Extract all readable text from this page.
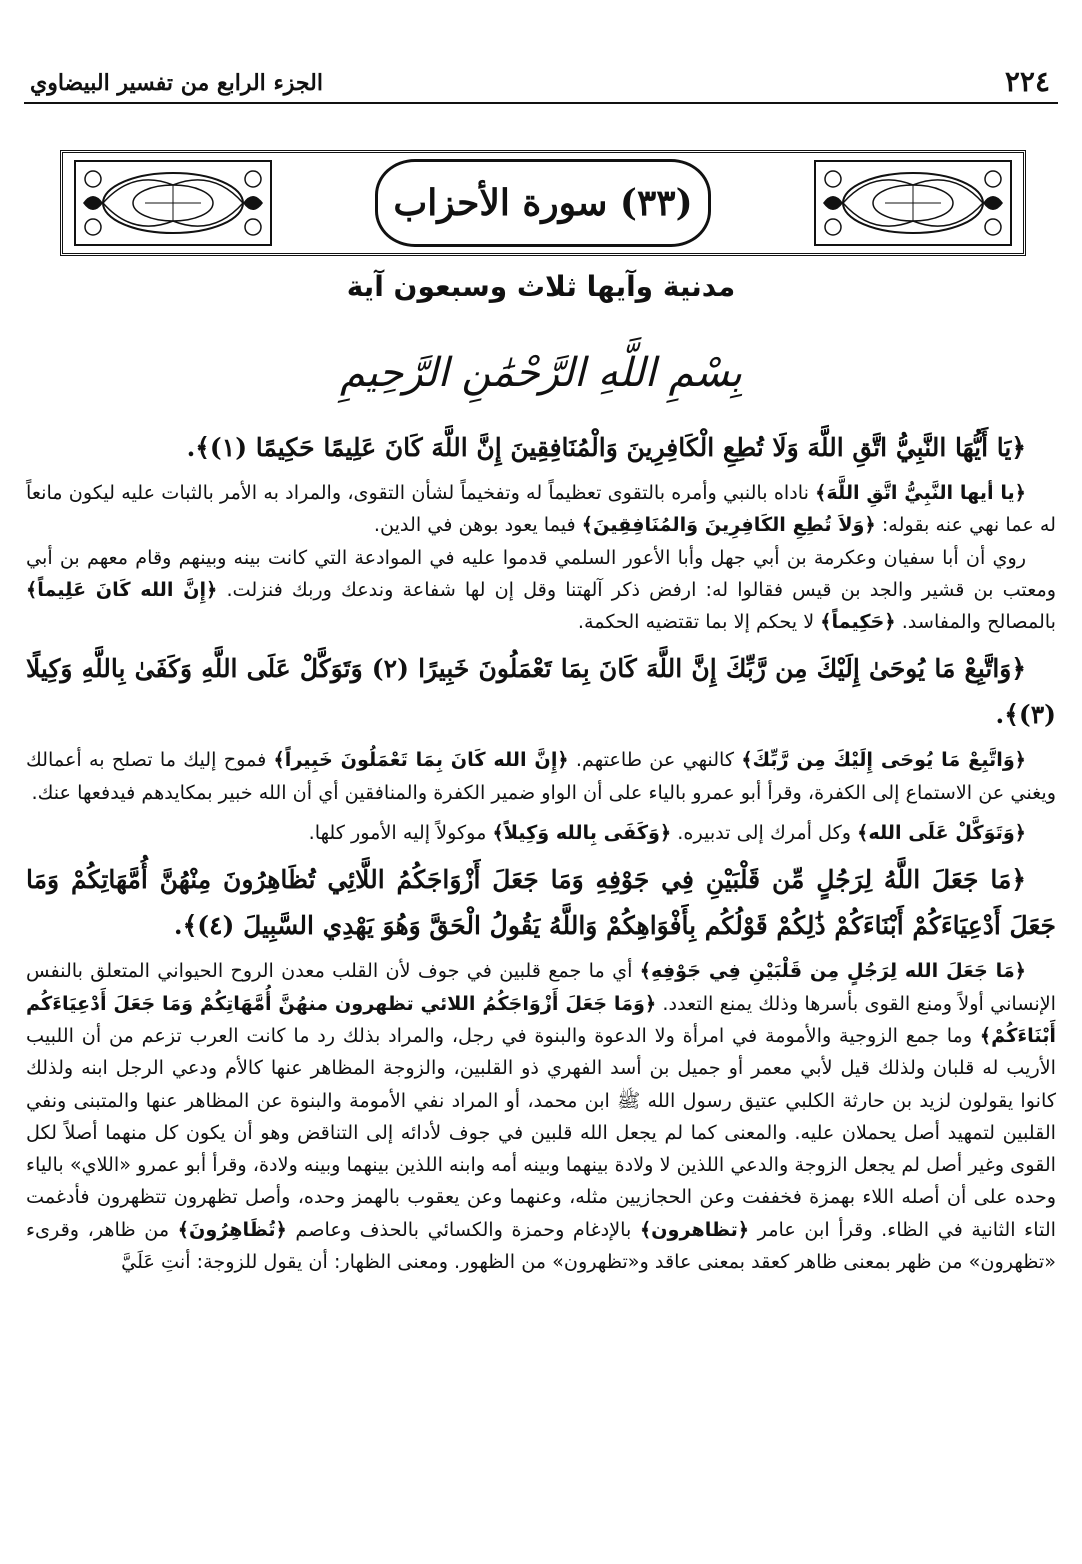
الجزء الرابع من تفسير البيضاوي	٢٢٤
(٣٣) سورة الأحزاب
مدنية وآيها ثلاث وسبعون آية
بِسْمِ اللَّهِ الرَّحْمَٰنِ الرَّحِيمِ

﴿يَا أَيُّهَا النَّبِيُّ اتَّقِ اللَّهَ وَلَا تُطِعِ الْكَافِرِينَ وَالْمُنَافِقِينَ إِنَّ اللَّهَ كَانَ عَلِيمًا حَكِيمًا (١)﴾.

﴿يا أيها النَّبِيُّ اتَّقِ اللَّهَ﴾ ناداه بالنبي وأمره بالتقوى تعظيماً له وتفخيماً لشأن التقوى، والمراد به الأمر بالثبات عليه ليكون مانعاً له عما نهي عنه بقوله: ﴿وَلاَ تُطِعِ الكَافِرِينَ وَالمُنَافِقِينَ﴾ فيما يعود بوهن في الدين.

روي أن أبا سفيان وعكرمة بن أبي جهل وأبا الأعور السلمي قدموا عليه في الموادعة التي كانت بينه وبينهم وقام معهم بن أبي ومعتب بن قشير والجد بن قيس فقالوا له: ارفض ذكر آلهتنا وقل إن لها شفاعة وندعك وربك فنزلت. ﴿إِنَّ الله كَانَ عَلِيماً﴾ بالمصالح والمفاسد. ﴿حَكِيماً﴾ لا يحكم إلا بما تقتضيه الحكمة.

﴿وَاتَّبِعْ مَا يُوحَىٰ إِلَيْكَ مِن رَّبِّكَ إِنَّ اللَّهَ كَانَ بِمَا تَعْمَلُونَ خَبِيرًا (٢) وَتَوَكَّلْ عَلَى اللَّهِ وَكَفَىٰ بِاللَّهِ وَكِيلًا (٣)﴾.

﴿وَاتَّبِعْ مَا يُوحَى إِلَيْكَ مِن رَّبِّكَ﴾ كالنهي عن طاعتهم. ﴿إِنَّ الله كَانَ بِمَا تَعْمَلُونَ خَبِيراً﴾ فموح إليك ما تصلح به أعمالك ويغني عن الاستماع إلى الكفرة، وقرأ أبو عمرو بالياء على أن الواو ضمير الكفرة والمنافقين أي أن الله خبير بمكايدهم فيدفعها عنك.

﴿وَتَوَكَّلْ عَلَى الله﴾ وكل أمرك إلى تدبيره. ﴿وَكَفَى بِالله وَكِيلاً﴾ موكولاً إليه الأمور كلها.

﴿مَا جَعَلَ اللَّهُ لِرَجُلٍ مِّن قَلْبَيْنِ فِي جَوْفِهِ وَمَا جَعَلَ أَزْوَاجَكُمُ اللَّائِي تُظَاهِرُونَ مِنْهُنَّ أُمَّهَاتِكُمْ وَمَا جَعَلَ أَدْعِيَاءَكُمْ أَبْنَاءَكُمْ ذَٰلِكُمْ قَوْلُكُم بِأَفْوَاهِكُمْ وَاللَّهُ يَقُولُ الْحَقَّ وَهُوَ يَهْدِي السَّبِيلَ (٤)﴾.

﴿مَا جَعَلَ الله لِرَجُلٍ مِن قَلْبَيْنِ فِي جَوْفِهِ﴾ أي ما جمع قلبين في جوف لأن القلب معدن الروح الحيواني المتعلق بالنفس الإنساني أولاً ومنع القوى بأسرها وذلك يمنع التعدد. ﴿وَمَا جَعَلَ أَزْوَاجَكُمُ اللائي تظهرون منهُنَّ أُمَّهَاتِكُمْ وَمَا جَعَلَ أَدْعِيَاءَكُم أَبْنَاءَكُمْ﴾ وما جمع الزوجية والأمومة في امرأة ولا الدعوة والبنوة في رجل، والمراد بذلك رد ما كانت العرب تزعم من أن اللبيب الأريب له قلبان ولذلك قيل لأبي معمر أو جميل بن أسد الفهري ذو القلبين، والزوجة المظاهر عنها كالأم ودعي الرجل ابنه ولذلك كانوا يقولون لزيد بن حارثة الكلبي عتيق رسول الله ﷺ ابن محمد، أو المراد نفي الأمومة والبنوة عن المظاهر عنها والمتبنى ونفي القلبين لتمهيد أصل يحملان عليه. والمعنى كما لم يجعل الله قلبين في جوف لأدائه إلى التناقض وهو أن يكون كل منهما أصلاً لكل القوى وغير أصل لم يجعل الزوجة والدعي اللذين لا ولادة بينهما وبينه أمه وابنه اللذين بينهما وبينه ولادة، وقرأ أبو عمرو «اللاي» بالياء وحده على أن أصله اللاء بهمزة فخففت وعن الحجازيين مثله، وعنهما وعن يعقوب بالهمز وحده، وأصل تظهرون تتظهرون فأدغمت التاء الثانية في الظاء. وقرأ ابن عامر ﴿تظاهرون﴾ بالإدغام وحمزة والكسائي بالحذف وعاصم ﴿تُظَاهِرُونَ﴾ من ظاهر، وقرىء «تظهرون» من ظهر بمعنى ظاهر كعقد بمعنى عاقد و«تظهرون» من الظهور. ومعنى الظهار: أن يقول للزوجة: أنتِ عَلَيَّ
